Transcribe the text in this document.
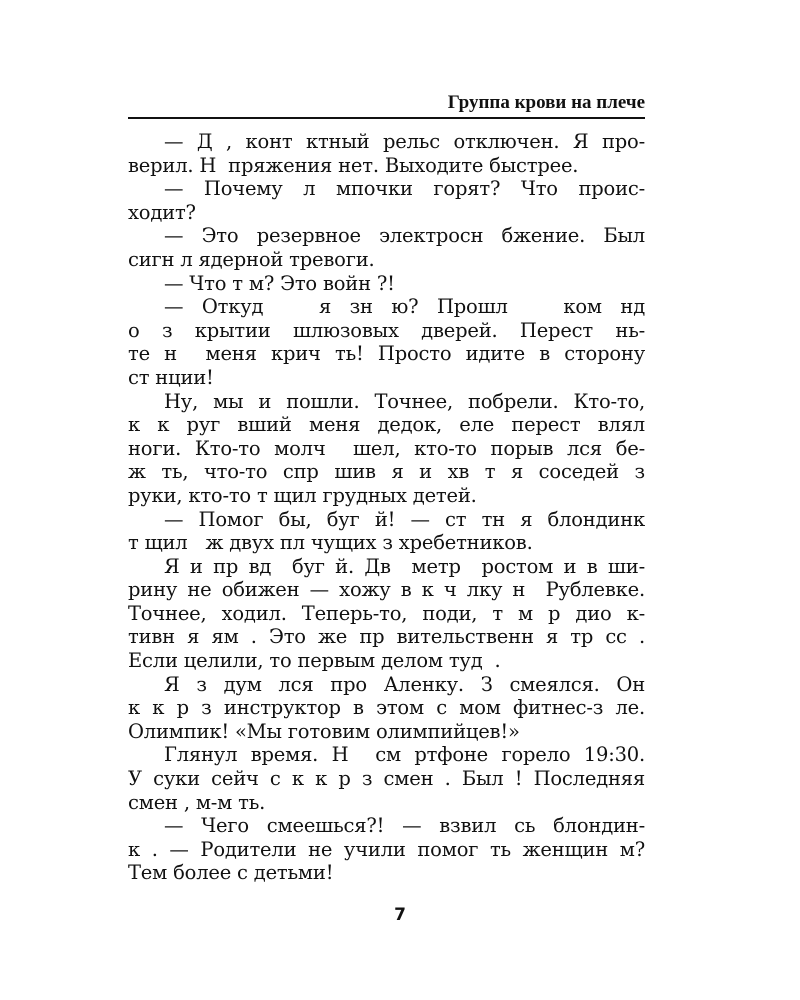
Группа крови на плече
— Д , конт ктный рельс отключен. Я про-
верил. Н  пряжения нет. Выходите быстрее.
— Почему л мпочки горят? Что проис-
ходит?
— Это резервное электросн бжение. Был
сигн л ядерной тревоги.
— Что т м? Это войн ?!
— Откуд   я зн ю? Прошл   ком нд
о з крытии шлюзовых дверей. Перест нь-
те н  меня крич ть! Просто идите в сторону
ст нции!
Ну, мы и пошли. Точнее, побрели. Кто-то,
к к руг вший меня дедок, еле перест влял
ноги. Кто-то молч  шел, кто-то порыв лся бе-
ж ть, что-то спр шив я и хв т я соседей з
руки, кто-то т щил грудных детей.
— Помог бы, буг й! — ст тн я блондинк
т щил   ж двух пл чущих з хребетников.
Я и пр вд  буг й. Дв  метр  ростом и в ши-
рину не обижен — хожу в к ч лку н  Рублевке.
Точнее, ходил. Теперь-то, поди, т м р дио к-
тивн я ям . Это же пр вительственн я тр сс .
Если целили, то первым делом туд  .
Я з дум лся про Аленку. З смеялся. Он
к к р з инструктор в этом с мом фитнес-з ле.
Олимпик! «Мы готовим олимпийцев!»
Глянул время. Н  см ртфоне горело 19:30.
У суки сейч с к к р з смен . Был ! Последняя
смен , м-м ть.
— Чего смеешься?! — взвил сь блондин-
к . — Родители не учили помог ть женщин м?
Тем более с детьми!
7
